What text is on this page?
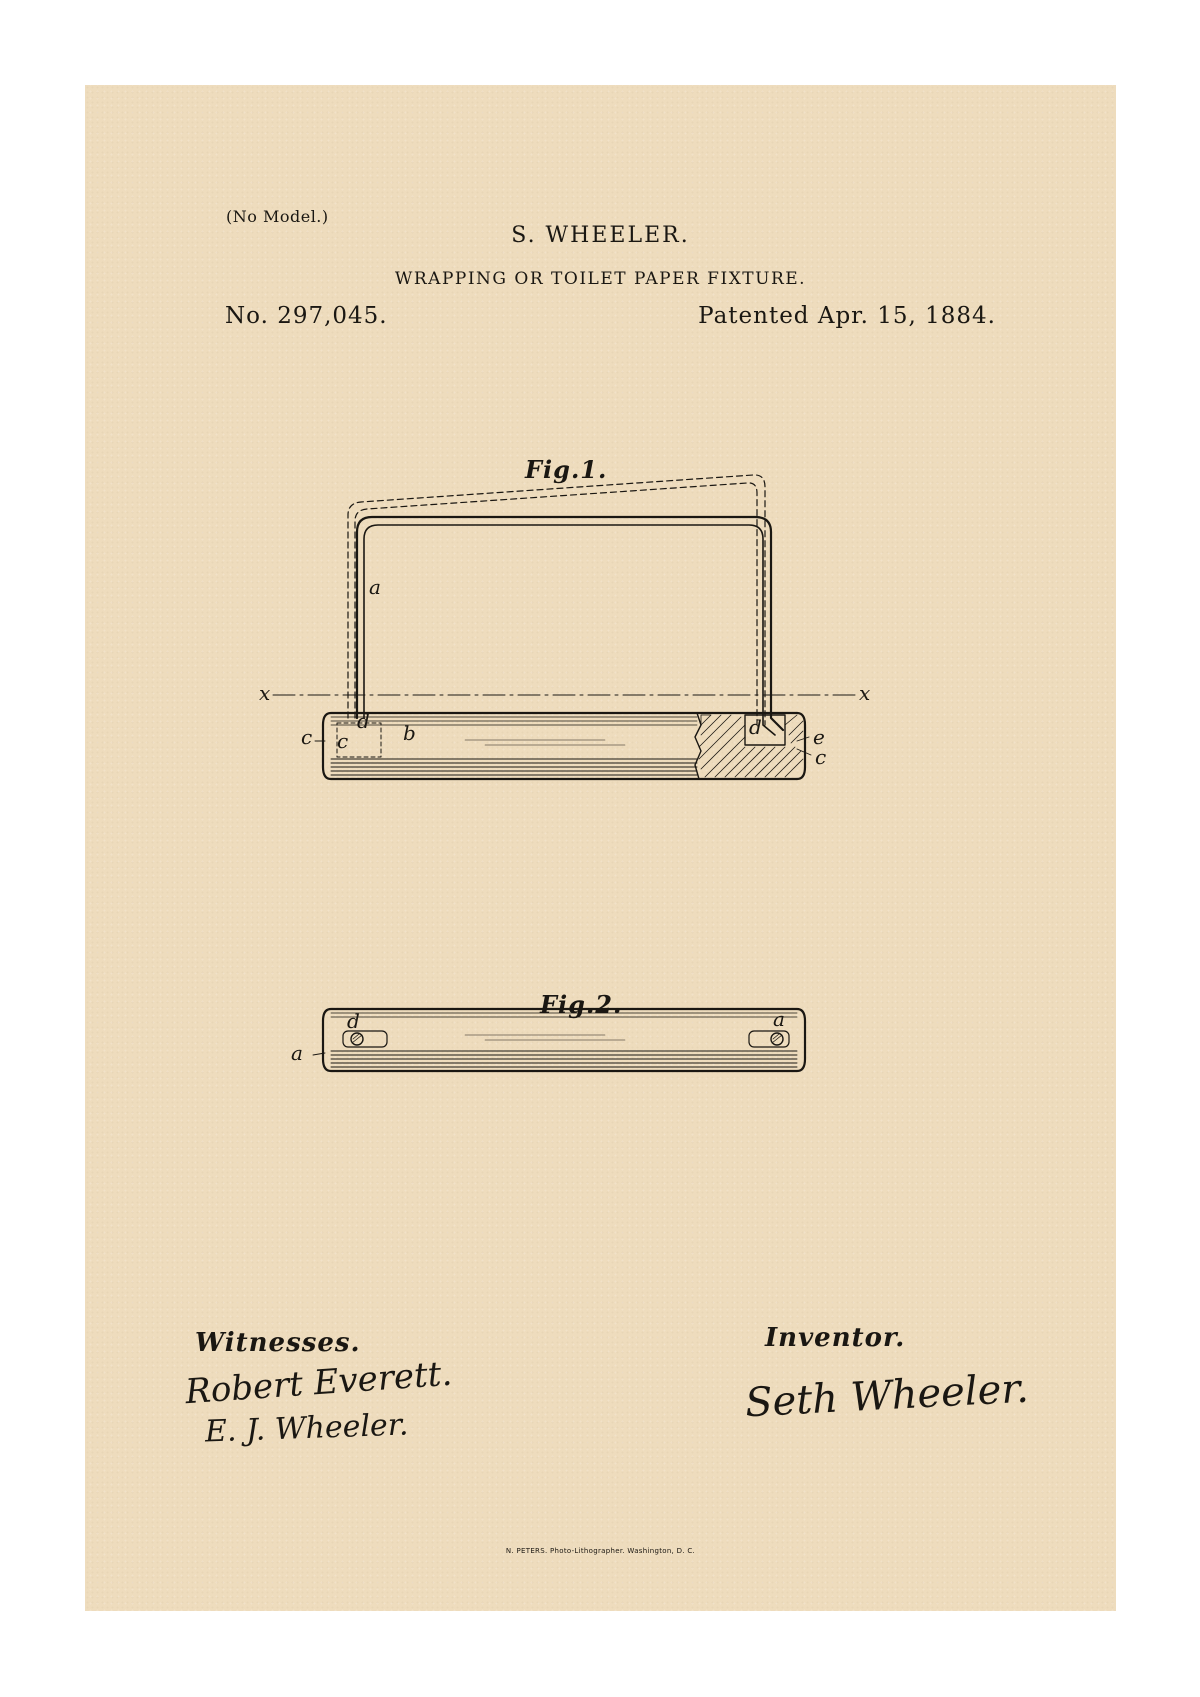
(No Model.)
S. WHEELER.
WRAPPING OR TOILET PAPER FIXTURE.
No. 297,045.	Patented Apr. 15, 1884.
Fig.1.
Fig.2.
a
d b
c c
d	e
c
x	x
d
a
a
Witnesses.
Robert Everett.
E. J. Wheeler.
Inventor.
Seth Wheeler.
N. PETERS. Photo-Lithographer. Washington, D. C.
